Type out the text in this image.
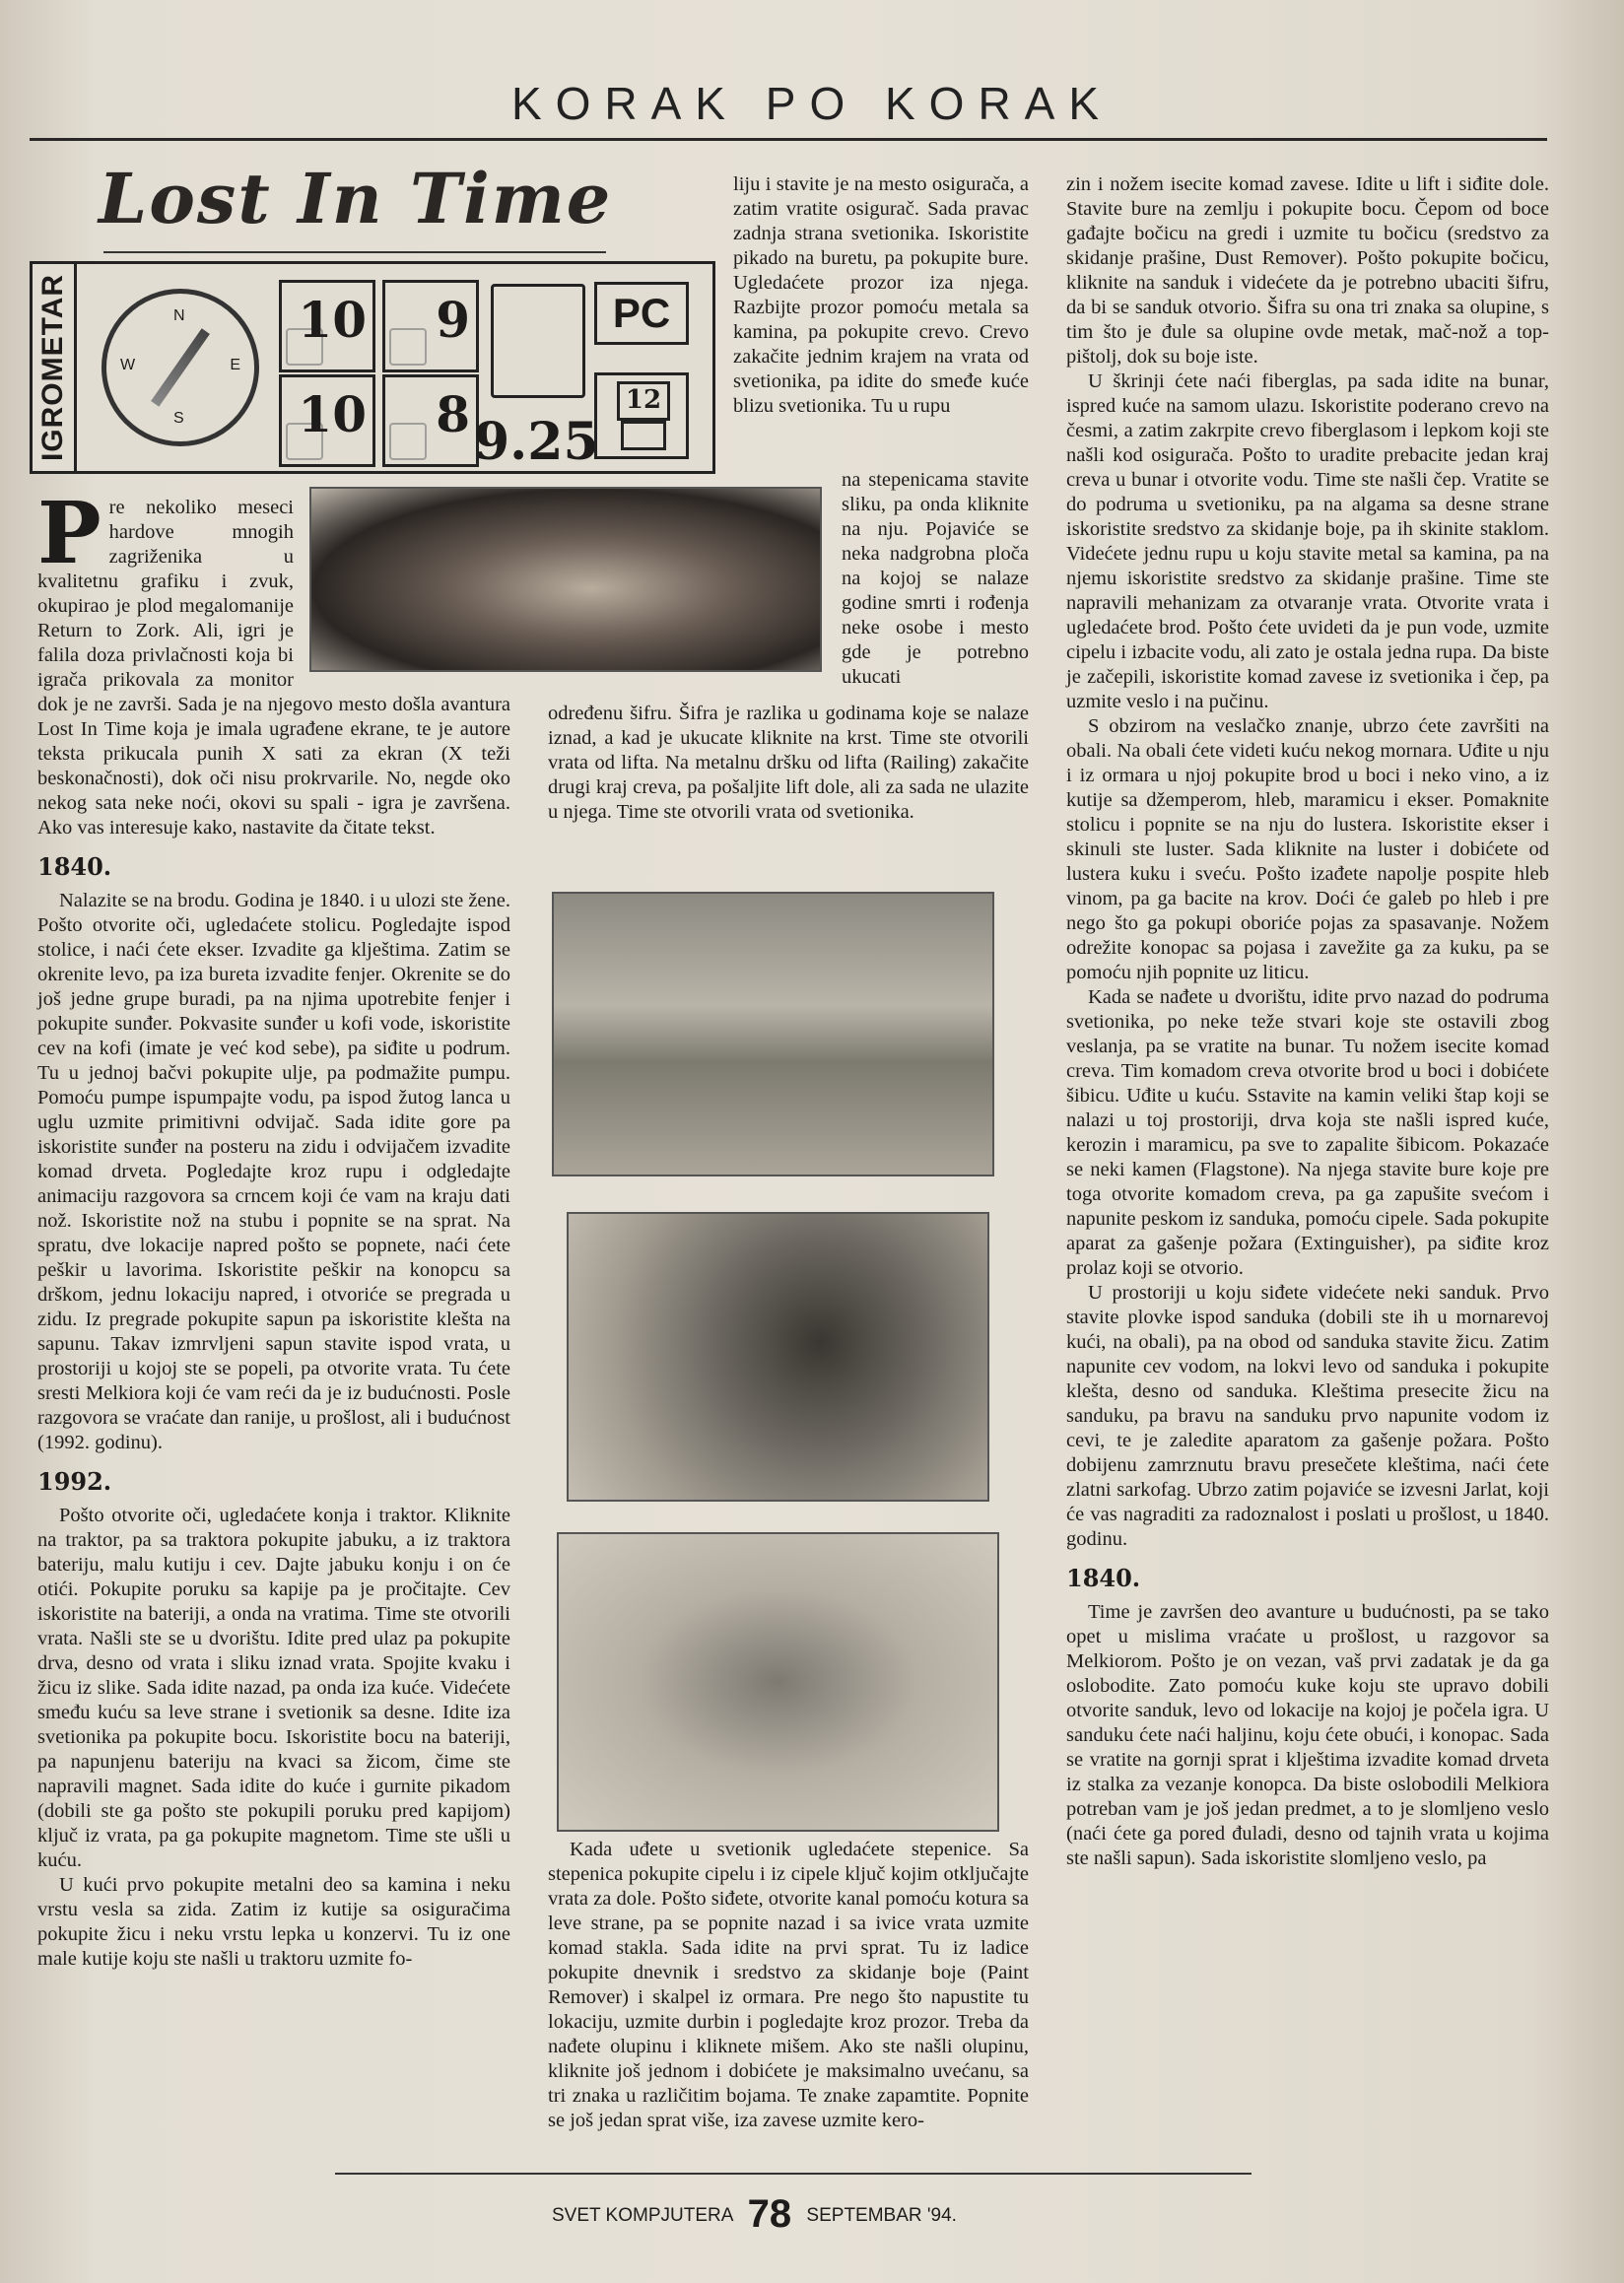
KORAK PO KORAK
Lost In Time
IGROMETAR	N
W	E
S
10 9
10 8 9.25
PC
12
P re nekoliko meseci hardove mnogih zagriženika u kvalitetnu grafiku i zvuk, okupirao je plod megalomanije Return to Zork. Ali, igri je falila doza privlačnosti koja bi igrača prikovala za monitor dok je ne završi. Sada je na njegovo mesto došla avantura Lost In Time koja je imala ugrađene ekrane, te je autore teksta prikucala punih X sati za ekran (X teži beskonačnosti), dok oči nisu prokrvarile. No, negde oko nekog sata neke noći, okovi su spali - igra je završena. Ako vas interesuje kako, nastavite da čitate tekst.

1840.

Nalazite se na brodu. Godina je 1840. i u ulozi ste žene. Pošto otvorite oči, ugledaćete stolicu. Pogledajte ispod stolice, i naći ćete ekser. Izvadite ga klještima. Zatim se okrenite levo, pa iza bureta izvadite fenjer. Okrenite se do još jedne grupe buradi, pa na njima upotrebite fenjer i pokupite sunđer. Pokvasite sunđer u kofi vode, iskoristite cev na kofi (imate je već kod sebe), pa siđite u podrum. Tu u jednoj bačvi pokupite ulje, pa podmažite pumpu. Pomoću pumpe ispumpajte vodu, pa ispod žutog lanca u uglu uzmite primitivni odvijač. Sada idite gore pa iskoristite sunđer na posteru na zidu i odvijačem izvadite komad drveta. Pogledajte kroz rupu i odgledajte animaciju razgovora sa crncem koji će vam na kraju dati nož. Iskoristite nož na stubu i popnite se na sprat. Na spratu, dve lokacije napred pošto se popnete, naći ćete peškir u lavorima. Iskoristite peškir na konopcu sa drškom, jednu lokaciju napred, i otvoriće se pregrada u zidu. Iz pregrade pokupite sapun pa iskoristite klešta na sapunu. Takav izmrvljeni sapun stavite ispod vrata, u prostoriji u kojoj ste se popeli, pa otvorite vrata. Tu ćete sresti Melkiora koji će vam reći da je iz budućnosti. Posle razgovora se vraćate dan ranije, u prošlost, ali i budućnost (1992. godinu).

1992.

Pošto otvorite oči, ugledaćete konja i traktor. Kliknite na traktor, pa sa traktora pokupite jabuku, a iz traktora bateriju, malu kutiju i cev. Dajte jabuku konju i on će otići. Pokupite poruku sa kapije pa je pročitajte. Cev iskoristite na bateriji, a onda na vratima. Time ste otvorili vrata. Našli ste se u dvorištu. Idite pred ulaz pa pokupite drva, desno od vrata i sliku iznad vrata. Spojite kvaku i žicu iz slike. Sada idite nazad, pa onda iza kuće. Videćete smeđu kuću sa leve strane i svetionik sa desne. Idite iza svetionika pa pokupite bocu. Iskoristite bocu na bateriji, pa napunjenu bateriju na kvaci sa žicom, čime ste napravili magnet. Sada idite do kuće i gurnite pikadom (dobili ste ga pošto ste pokupili poruku pred kapijom) ključ iz vrata, pa ga pokupite magnetom. Time ste ušli u kuću.

U kući prvo pokupite metalni deo sa kamina i neku vrstu vesla sa zida. Zatim iz kutije sa osiguračima pokupite žicu i neku vrstu lepka u konzervi. Tu iz one male kutije koju ste našli u traktoru uzmite fo-

liju i stavite je na mesto osigurača, a zatim vratite osigurač. Sada pravac zadnja strana svetionika. Iskoristite pikado na buretu, pa pokupite bure. Ugledaćete prozor iza njega. Razbijte prozor pomoću metala sa kamina, pa pokupite crevo. Crevo zakačite jednim krajem na vrata od svetionika, pa idite do smeđe kuće blizu svetionika. Tu u rupu

na stepenicama stavite sliku, pa onda kliknite na nju. Pojaviće se neka nadgrobna ploča na kojoj se nalaze godine smrti i rođenja neke osobe i mesto gde je potrebno ukucati

određenu šifru. Šifra je razlika u godinama koje se nalaze iznad, a kad je ukucate kliknite na krst. Time ste otvorili vrata od lifta. Na metalnu dršku od lifta (Railing) zakačite drugi kraj creva, pa pošaljite lift dole, ali za sada ne ulazite u njega. Time ste otvorili vrata od svetionika.

Kada uđete u svetionik ugledaćete stepenice. Sa stepenica pokupite cipelu i iz cipele ključ kojim otključajte vrata za dole. Pošto siđete, otvorite kanal pomoću kotura sa leve strane, pa se popnite nazad i sa ivice vrata uzmite komad stakla. Sada idite na prvi sprat. Tu iz ladice pokupite dnevnik i sredstvo za skidanje boje (Paint Remover) i skalpel iz ormara. Pre nego što napustite tu lokaciju, uzmite durbin i pogledajte kroz prozor. Treba da nađete olupinu i kliknete mišem. Ako ste našli olupinu, kliknite još jednom i dobićete je maksimalno uvećanu, sa tri znaka u različitim bojama. Te znake zapamtite. Popnite se još jedan sprat više, iza zavese uzmite kero-

zin i nožem isecite komad zavese. Idite u lift i siđite dole. Stavite bure na zemlju i pokupite bocu. Čepom od boce gađajte bočicu na gredi i uzmite tu bočicu (sredstvo za skidanje prašine, Dust Remover). Pošto pokupite bočicu, kliknite na sanduk i videćete da je potrebno ubaciti šifru, da bi se sanduk otvorio. Šifra su ona tri znaka sa olupine, s tim što je đule sa olupine ovde metak, mač-nož a top-pištolj, dok su boje iste.

U škrinji ćete naći fiberglas, pa sada idite na bunar, ispred kuće na samom ulazu. Iskoristite poderano crevo na česmi, a zatim zakrpite crevo fiberglasom i lepkom koji ste našli kod osigurača. Pošto to uradite prebacite jedan kraj creva u bunar i otvorite vodu. Time ste našli čep. Vratite se do podruma u svetioniku, pa na algama sa desne strane iskoristite sredstvo za skidanje boje, pa ih skinite staklom. Videćete jednu rupu u koju stavite metal sa kamina, pa na njemu iskoristite sredstvo za skidanje prašine. Time ste napravili mehanizam za otvaranje vrata. Otvorite vrata i ugledaćete brod. Pošto ćete uvideti da je pun vode, uzmite cipelu i izbacite vodu, ali zato je ostala jedna rupa. Da biste je začepili, iskoristite komad zavese iz svetionika i čep, pa uzmite veslo i na pučinu.

S obzirom na veslačko znanje, ubrzo ćete završiti na obali. Na obali ćete videti kuću nekog mornara. Uđite u nju i iz ormara u njoj pokupite brod u boci i neko vino, a iz kutije sa džemperom, hleb, maramicu i ekser. Pomaknite stolicu i popnite se na nju do lustera. Iskoristite ekser i skinuli ste luster. Sada kliknite na luster i dobićete od lustera kuku i sveću. Pošto izađete napolje pospite hleb vinom, pa ga bacite na krov. Doći će galeb po hleb i pre nego što ga pokupi oboriće pojas za spasavanje. Nožem odrežite konopac sa pojasa i zavežite ga za kuku, pa se pomoću njih popnite uz liticu.

Kada se nađete u dvorištu, idite prvo nazad do podruma svetionika, po neke teže stvari koje ste ostavili zbog veslanja, pa se vratite na bunar. Tu nožem isecite komad creva. Tim komadom creva otvorite brod u boci i dobićete šibicu. Uđite u kuću. Sstavite na kamin veliki štap koji se nalazi u toj prostoriji, drva koja ste našli ispred kuće, kerozin i maramicu, pa sve to zapalite šibicom. Pokazaće se neki kamen (Flagstone). Na njega stavite bure koje pre toga otvorite komadom creva, pa ga zapušite svećom i napunite peskom iz sanduka, pomoću cipele. Sada pokupite aparat za gašenje požara (Extinguisher), pa siđite kroz prolaz koji se otvorio.

U prostoriji u koju siđete videćete neki sanduk. Prvo stavite plovke ispod sanduka (dobili ste ih u mornarevoj kući, na obali), pa na obod od sanduka stavite žicu. Zatim napunite cev vodom, na lokvi levo od sanduka i pokupite klešta, desno od sanduka. Kleštima presecite žicu na sanduku, pa bravu na sanduku prvo napunite vodom iz cevi, te je zaledite aparatom za gašenje požara. Pošto dobijenu zamrznutu bravu presečete kleštima, naći ćete zlatni sarkofag. Ubrzo zatim pojaviće se izvesni Jarlat, koji će vas nagraditi za radoznalost i poslati u prošlost, u 1840. godinu.

1840.

Time je završen deo avanture u budućnosti, pa se tako opet u mislima vraćate u prošlost, u razgovor sa Melkiorom. Pošto je on vezan, vaš prvi zadatak je da ga oslobodite. Zato pomoću kuke koju ste upravo dobili otvorite sanduk, levo od lokacije na kojoj je počela igra. U sanduku ćete naći haljinu, koju ćete obući, i konopac. Sada se vratite na gornji sprat i klještima izvadite komad drveta iz stalka za vezanje konopca. Da biste oslobodili Melkiora potreban vam je još jedan predmet, a to je slomljeno veslo (naći ćete ga pored đuladi, desno od tajnih vrata u kojima ste našli sapun). Sada iskoristite slomljeno veslo, pa

SVET KOMPJUTERA 78 SEPTEMBAR '94.
